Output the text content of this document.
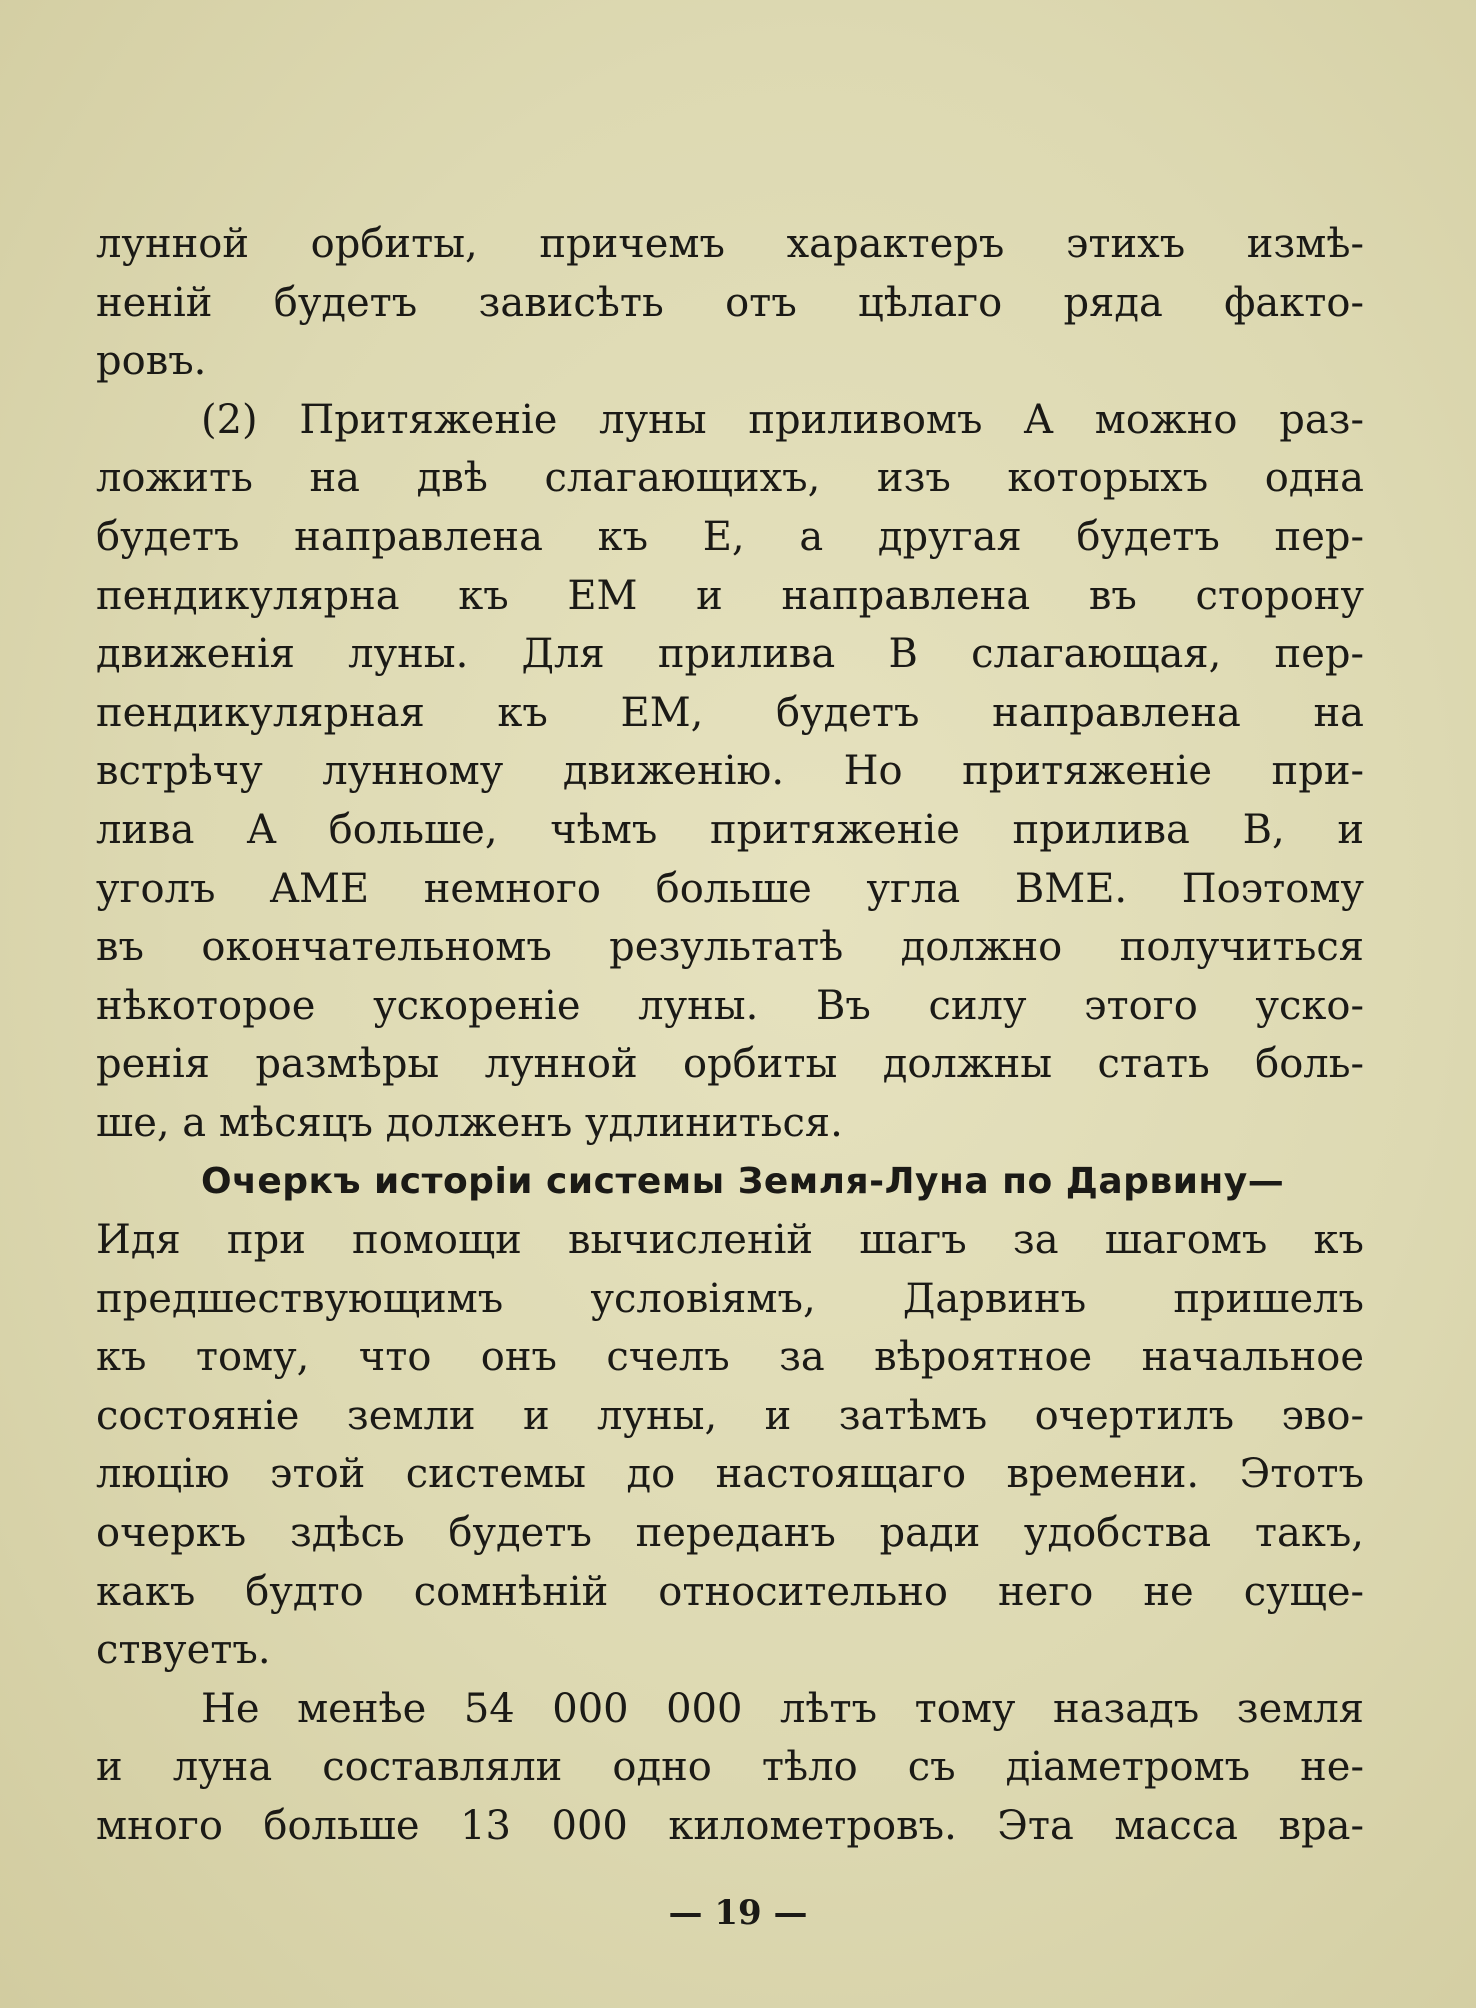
лунной орбиты, причемъ характеръ этихъ измѣ-
ненiй будетъ зависѣть отъ цѣлаго ряда факто-
ровъ.
(2) Притяженiе луны приливомъ A можно раз-
ложить на двѣ слагающихъ, изъ которыхъ одна
будетъ направлена къ E, а другая будетъ пер-
пендикулярна къ EM и направлена въ сторону
движенiя луны. Для прилива B слагающая, пер-
пендикулярная къ EM, будетъ направлена на
встрѣчу лунному движенiю. Но притяженiе при-
лива A больше, чѣмъ притяженiе прилива B, и
уголъ AME немного больше угла BME. Поэтому
въ окончательномъ результатѣ должно получиться
нѣкоторое ускоренiе луны. Въ силу этого уско-
ренiя размѣры лунной орбиты должны стать боль-
ше, а мѣсяцъ долженъ удлиниться.
Очеркъ исторiи системы Земля-Луна по Дарвину—
Идя при помощи вычисленiй шагъ за шагомъ къ
предшествующимъ условiямъ, Дарвинъ пришелъ
къ тому, что онъ счелъ за вѣроятное начальное
состоянiе земли и луны, и затѣмъ очертилъ эво-
люцiю этой системы до настоящаго времени. Этотъ
очеркъ здѣсь будетъ переданъ ради удобства такъ,
какъ будто сомнѣнiй относительно него не суще-
ствуетъ.
Не менѣе 54 000 000 лѣтъ тому назадъ земля
и луна составляли одно тѣло съ дiаметромъ не-
много больше 13 000 километровъ. Эта масса вра-
— 19 —
